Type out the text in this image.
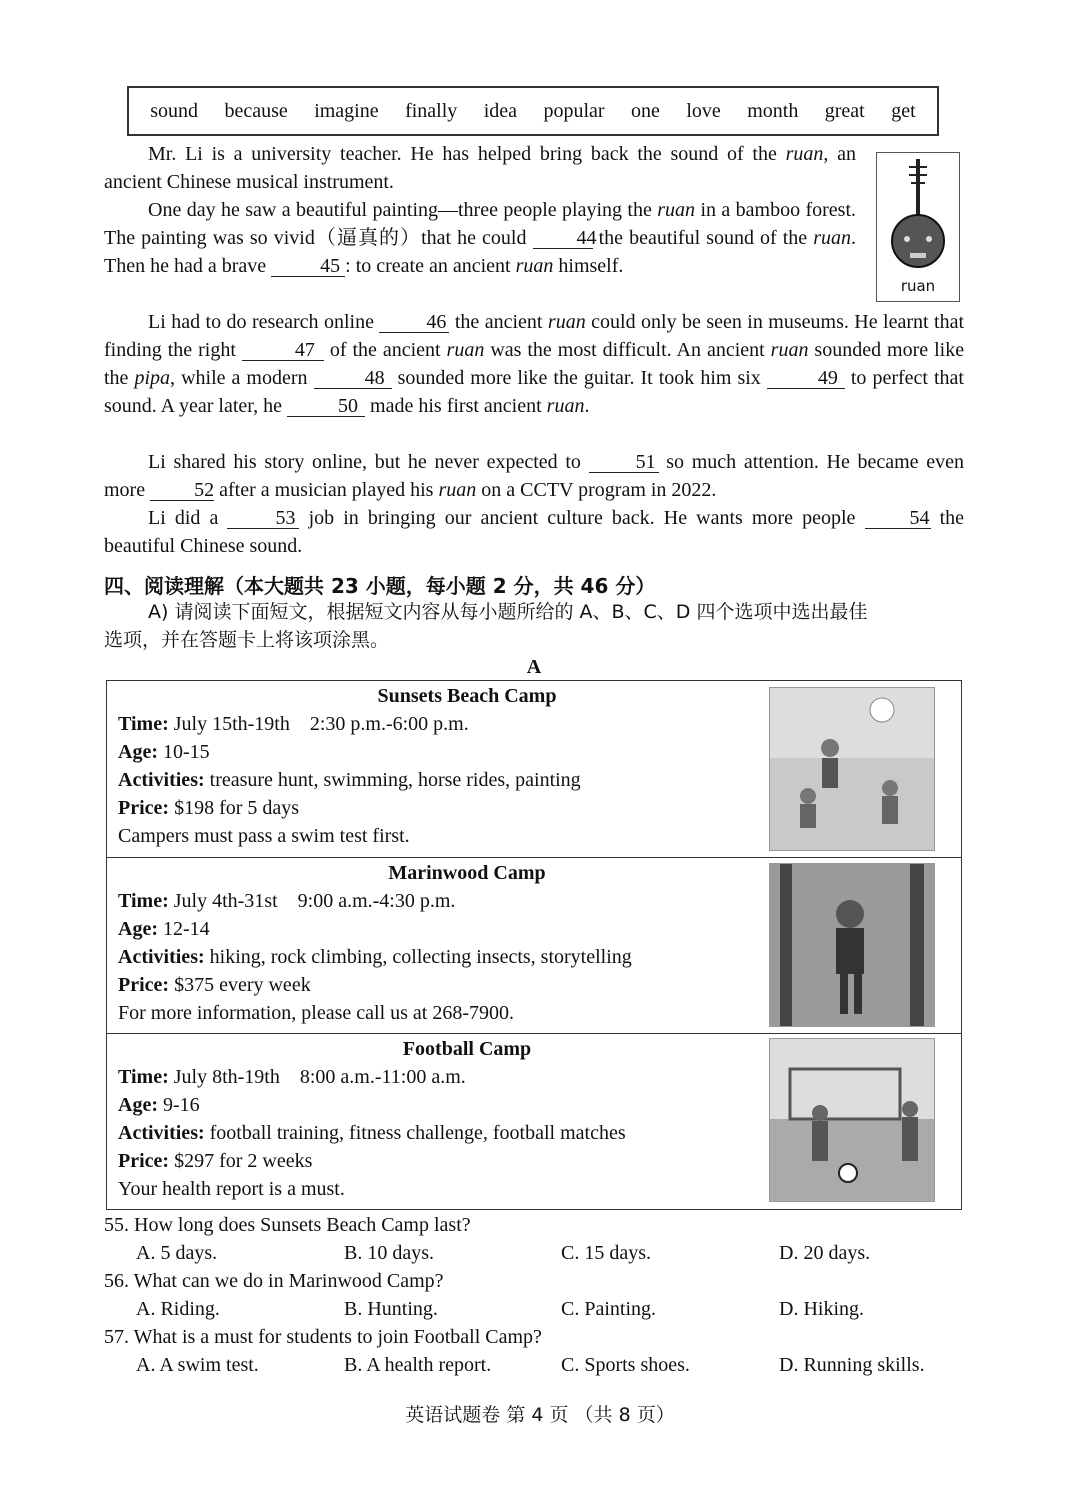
sound because imagine finally idea popular one love month great get
ruan
Mr. Li is a university teacher. He has helped bring back the sound of the ruan, an ancient Chinese musical instrument.
One day he saw a beautiful painting—three people playing the ruan in a bamboo forest. The painting was so vivid（逼真的）that he could	44 the beautiful sound of the ruan. Then he had a brave	45 : to create an ancient ruan himself.
Li had to do research online	46 the ancient ruan could only be seen in museums. He learnt that finding the right	47 of the ancient ruan was the most difficult. An ancient ruan sounded more like the pipa, while a modern	48 sounded more like the guitar. It took him six	49 to perfect that sound. A year later, he	50 made his first ancient ruan.
Li shared his story online, but he never expected to	51 so much attention. He became even more 52 after a musician played his ruan on a CCTV program in 2022.
Li did a	53 job in bringing our ancient culture back. He wants more people	54 the beautiful Chinese sound.
四、阅读理解（本大题共 23 小题，每小题 2 分，共 46 分）
A) 请阅读下面短文，根据短文内容从每小题所给的 A、B、C、D 四个选项中选出最佳
选项，并在答题卡上将该项涂黑。
A
Sunsets Beach Camp
Time: July 15th-19th    2:30 p.m.-6:00 p.m.
Age: 10-15
Activities: treasure hunt, swimming, horse rides, painting
Price: $198 for 5 days
Campers must pass a swim test first.
Marinwood Camp
Time: July 4th-31st    9:00 a.m.-4:30 p.m.
Age: 12-14
Activities: hiking, rock climbing, collecting insects, storytelling
Price: $375 every week
For more information, please call us at 268-7900.
Football Camp
Time: July 8th-19th    8:00 a.m.-11:00 a.m.
Age: 9-16
Activities: football training, fitness challenge, football matches
Price: $297 for 2 weeks
Your health report is a must.
55. How long does Sunsets Beach Camp last?
A. 5 days.	B. 10 days.	C. 15 days.	D. 20 days.
56. What can we do in Marinwood Camp?
A. Riding.	B. Hunting.	C. Painting.	D. Hiking.
57. What is a must for students to join Football Camp?
A. A swim test.	B. A health report.	C. Sports shoes.	D. Running skills.
英语试题卷 第 4 页 （共 8 页）
